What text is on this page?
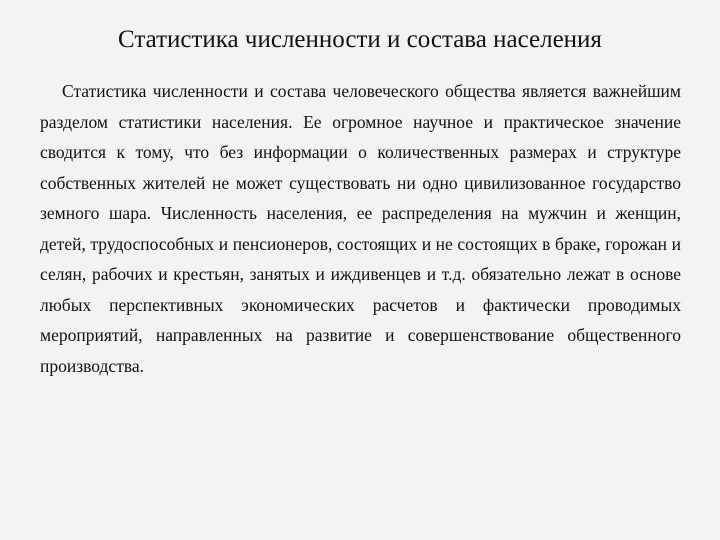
Статистика численности и состава населения

Статистика численности и состава человеческого общества является важнейшим разделом статистики населения. Ее огромное научное и практическое значение сводится к тому, что без информации о количественных размерах и структуре собственных жителей не может существовать ни одно цивилизованное государство земного шара. Численность населения, ее распределения на мужчин и женщин, детей, трудоспособных и пенсионеров, состоящих и не состоящих в браке, горожан и селян, рабочих и крестьян, занятых и иждивенцев и т.д. обязательно лежат в основе любых перспективных экономических расчетов и фактически проводимых мероприятий, направленных на развитие и совершенствование общественного производства.
